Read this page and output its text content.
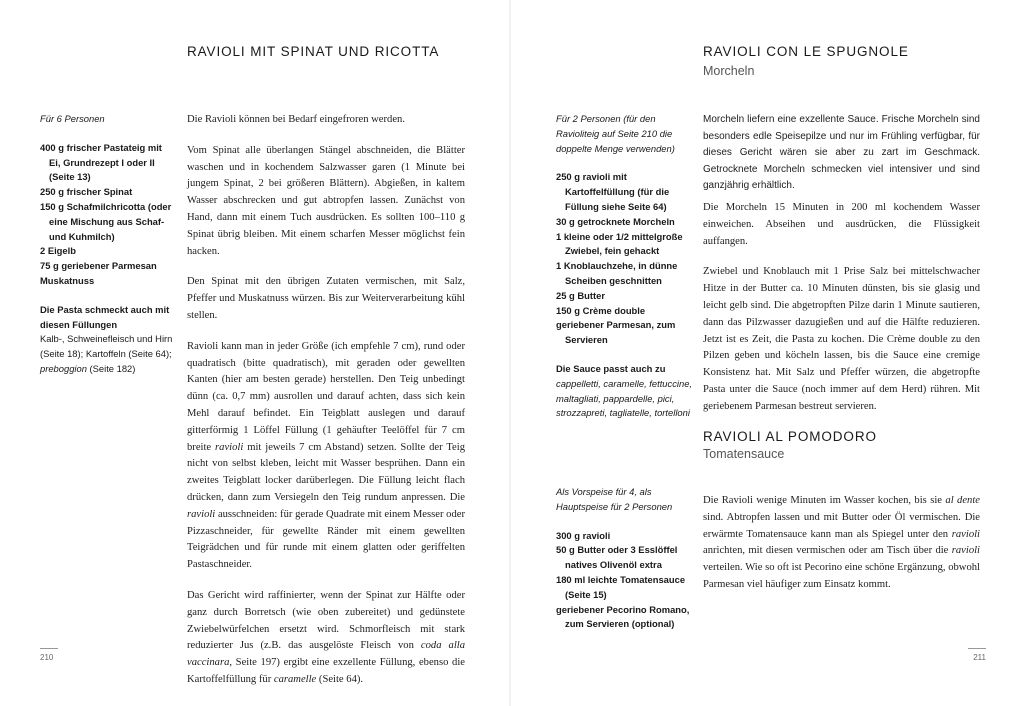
RAVIOLI MIT SPINAT UND RICOTTA

Für 6 Personen

400 g frischer Pastateig mit Ei, Grundrezept I oder II (Seite 13)

250 g frischer Spinat

150 g Schafmilchricotta (oder eine Mischung aus Schaf- und Kuhmilch)

2 Eigelb

75 g geriebener Parmesan

Muskatnuss

Die Pasta schmeckt auch mit diesen Füllungen

Kalb-, Schweinefleisch und Hirn (Seite 18); Kartoffeln (Seite 64); preboggion (Seite 182)

Die Ravioli können bei Bedarf eingefroren werden.

Vom Spinat alle überlangen Stängel abschneiden, die Blätter waschen und in kochendem Salzwasser garen (1 Minute bei jungem Spinat, 2 bei größeren Blättern). Abgießen, in kaltem Wasser abschrecken und gut abtropfen lassen. Zunächst von Hand, dann mit einem Tuch ausdrücken. Es sollten 100–110 g Spinat übrig bleiben. Mit einem scharfen Messer möglichst fein hacken.

Den Spinat mit den übrigen Zutaten vermischen, mit Salz, Pfeffer und Muskatnuss würzen. Bis zur Weiterverarbeitung kühl stellen.

Ravioli kann man in jeder Größe (ich empfehle 7 cm), rund oder quadratisch (bitte quadratisch), mit geraden oder gewellten Kanten (hier am besten gerade) herstellen. Den Teig unbedingt dünn (ca. 0,7 mm) ausrollen und darauf achten, dass sich kein Mehl darauf befindet. Ein Teigblatt auslegen und darauf gitterförmig 1 Löffel Füllung (1 gehäufter Teelöffel für 7 cm breite ravioli mit jeweils 7 cm Abstand) setzen. Sollte der Teig nicht von selbst kleben, leicht mit Wasser besprühen. Dann ein zweites Teigblatt locker darüberlegen. Die Füllung leicht flach drücken, dann zum Versiegeln den Teig rundum anpressen. Die ravioli ausschneiden: für gerade Quadrate mit einem Messer oder Pizzaschneider, für gewellte Ränder mit einem gewellten Teigrädchen und für runde mit einem glatten oder geriffelten Pastaschneider.

Das Gericht wird raffinierter, wenn der Spinat zur Hälfte oder ganz durch Borretsch (wie oben zubereitet) und gedünstete Zwiebelwürfelchen ersetzt wird. Schmorfleisch mit stark reduzierter Jus (z.B. das ausgelöste Fleisch von coda alla vaccinara, Seite 197) ergibt eine exzellente Füllung, ebenso die Kartoffelfüllung für caramelle (Seite 64).

210
RAVIOLI CON LE SPUGNOLE

Morcheln

Für 2 Personen (für den Ravioliteig auf Seite 210 die doppelte Menge verwenden)

250 g ravioli mit Kartoffelfüllung (für die Füllung siehe Seite 64)

30 g getrocknete Morcheln

1 kleine oder 1/2 mittelgroße Zwiebel, fein gehackt

1 Knoblauchzehe, in dünne Scheiben geschnitten

25 g Butter

150 g Crème double

geriebener Parmesan, zum Servieren

Die Sauce passt auch zu

cappelletti, caramelle, fettuccine, maltagliati, pappardelle, pici, strozzapreti, tagliatelle, tortelloni

Morcheln liefern eine exzellente Sauce. Frische Morcheln sind besonders edle Speisepilze und nur im Frühling verfügbar, für dieses Gericht wären sie aber zu zart im Geschmack. Getrocknete Morcheln schmecken viel intensiver und sind ganzjährig erhältlich.

Die Morcheln 15 Minuten in 200 ml kochendem Wasser einweichen. Abseihen und ausdrücken, die Flüssigkeit auffangen.

Zwiebel und Knoblauch mit 1 Prise Salz bei mittelschwacher Hitze in der Butter ca. 10 Minuten dünsten, bis sie glasig und leicht gelb sind. Die abgetropften Pilze darin 1 Minute sautieren, dann das Pilzwasser dazugießen und auf die Hälfte reduzieren. Jetzt ist es Zeit, die Pasta zu kochen. Die Crème double zu den Pilzen geben und köcheln lassen, bis die Sauce eine cremige Konsistenz hat. Mit Salz und Pfeffer würzen, die abgetropfte Pasta unter die Sauce (noch immer auf dem Herd) rühren. Mit geriebenem Parmesan bestreut servieren.

RAVIOLI AL POMODORO

Tomatensauce

Als Vorspeise für 4, als Hauptspeise für 2 Personen

300 g ravioli

50 g Butter oder 3 Esslöffel natives Olivenöl extra

180 ml leichte Tomatensauce (Seite 15)

geriebener Pecorino Romano, zum Servieren (optional)

Die Ravioli wenige Minuten im Wasser kochen, bis sie al dente sind. Abtropfen lassen und mit Butter oder Öl vermischen. Die erwärmte Tomatensauce kann man als Spiegel unter den ravioli anrichten, mit diesen vermischen oder am Tisch über die ravioli verteilen. Wie so oft ist Pecorino eine schöne Ergänzung, obwohl Parmesan viel häufiger zum Einsatz kommt.

211
